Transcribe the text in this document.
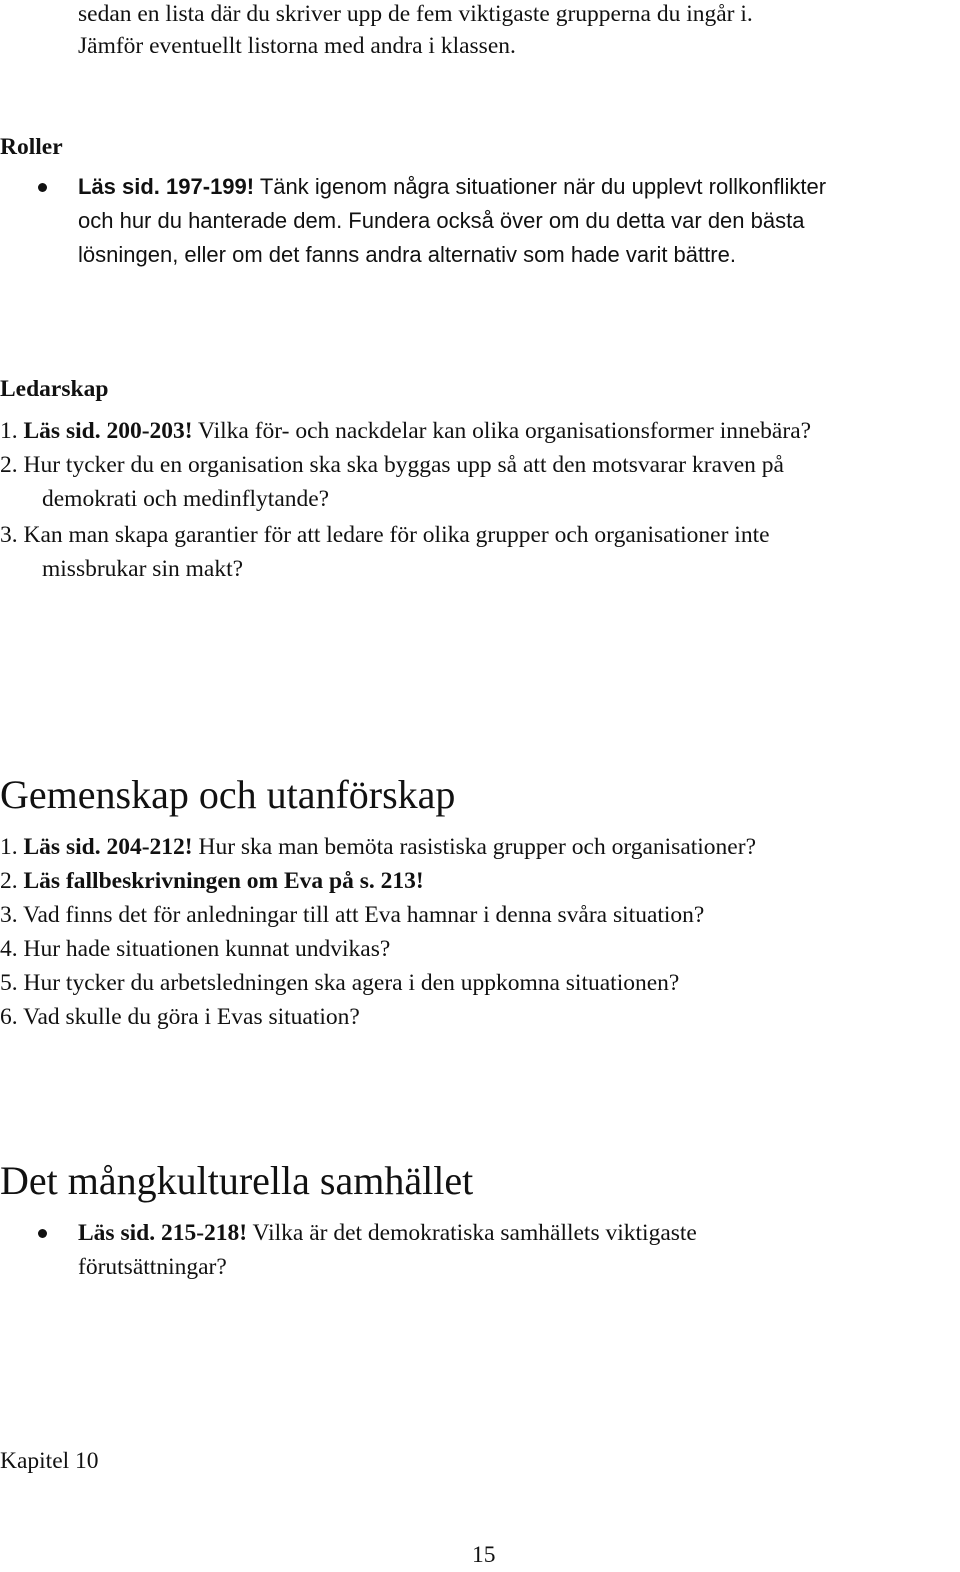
sedan en lista där du skriver upp de fem viktigaste grupperna du ingår i.
Jämför eventuellt listorna med andra i klassen.
Roller
Läs sid. 197-199! Tänk igenom några situationer när du upplevt rollkonflikter
och hur du hanterade dem. Fundera också över om du detta var den bästa
lösningen, eller om det fanns andra alternativ som hade varit bättre.
Ledarskap
1. Läs sid. 200-203! Vilka för- och nackdelar kan olika organisationsformer innebära?
2. Hur tycker du en organisation ska ska byggas upp så att den motsvarar kraven på
demokrati och medinflytande?
3. Kan man skapa garantier för att ledare för olika grupper och organisationer inte
missbrukar sin makt?
Gemenskap och utanförskap
1. Läs sid. 204-212! Hur ska man bemöta rasistiska grupper och organisationer?
2. Läs fallbeskrivningen om Eva på s. 213!
3. Vad finns det för anledningar till att Eva hamnar i denna svåra situation?
4. Hur hade situationen kunnat undvikas?
5. Hur tycker du arbetsledningen ska agera i den uppkomna situationen?
6. Vad skulle du göra i Evas situation?
Det mångkulturella samhället
Läs sid. 215-218! Vilka är det demokratiska samhällets viktigaste
förutsättningar?
Kapitel 10
15
